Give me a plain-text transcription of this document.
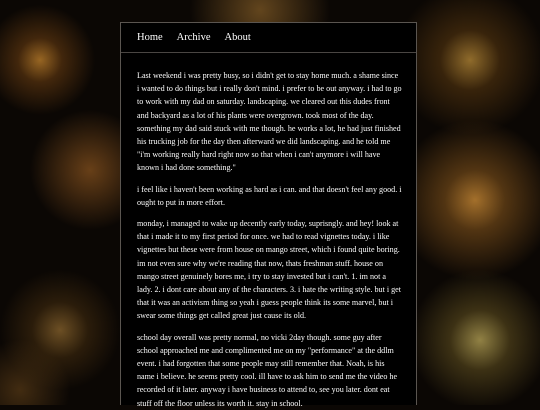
Home Archive About

Last weekend i was pretty busy, so i didn't get to stay home much. a shame since i wanted to do things but i really don't mind. i prefer to be out anyway. i had to go to work with my dad on saturday. landscaping. we cleared out this dudes front and backyard as a lot of his plants were overgrown. took most of the day. something my dad said stuck with me though. he works a lot, he had just finished his trucking job for the day then afterward we did landscaping. and he told me "i'm working really hard right now so that when i can't anymore i will have known i had done something."

i feel like i haven't been working as hard as i can. and that doesn't feel any good. i ought to put in more effort.

monday, i managed to wake up decently early today, suprisngly. and hey! look at that i made it to my first period for once. we had to read vignettes today. i like vignettes but these were from house on mango street, which i found quite boring. im not even sure why we're reading that now, thats freshman stuff. house on mango street genuinely bores me, i try to stay invested but i can't. 1. im not a lady. 2. i dont care about any of the characters. 3. i hate the writing style. but i get that it was an activism thing so yeah i guess people think its some marvel, but i swear some things get called great just cause its old.

school day overall was pretty normal, no vicki 2day though. some guy after school approached me and complimented me on my "performance" at the ddlm event. i had forgotten that some people may still remember that. Noah, is his name i believe. he seems pretty cool. ill have to ask him to send me the video he recorded of it later. anyway i have business to attend to, see you later. dont eat stuff off the floor unless its worth it. stay in school.
